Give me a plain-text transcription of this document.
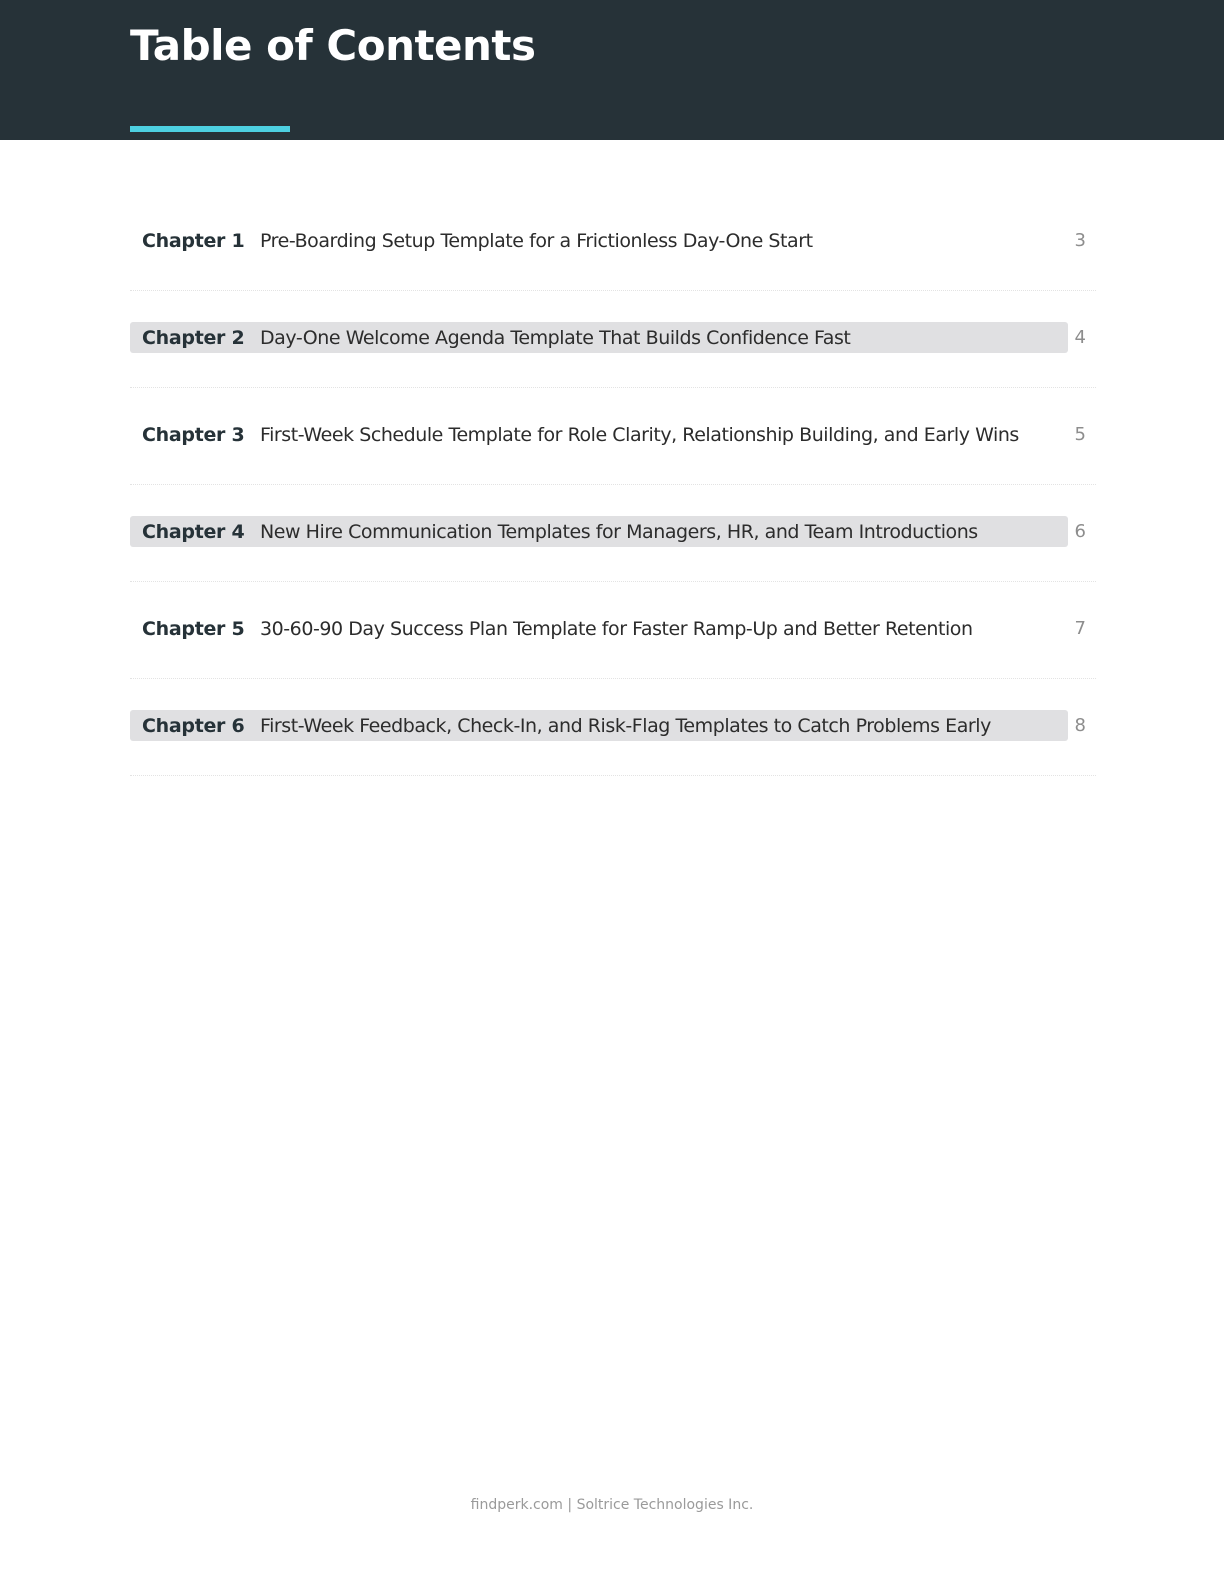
Table of Contents
Chapter 1 Pre-Boarding Setup Template for a Frictionless Day-One Start	3
Chapter 2 Day-One Welcome Agenda Template That Builds Confidence Fast	4
Chapter 3 First-Week Schedule Template for Role Clarity, Relationship Building, and Early Wins	5
Chapter 4 New Hire Communication Templates for Managers, HR, and Team Introductions	6
Chapter 5 30-60-90 Day Success Plan Template for Faster Ramp-Up and Better Retention	7
Chapter 6 First-Week Feedback, Check-In, and Risk-Flag Templates to Catch Problems Early	8
findperk.com | Soltrice Technologies Inc.
